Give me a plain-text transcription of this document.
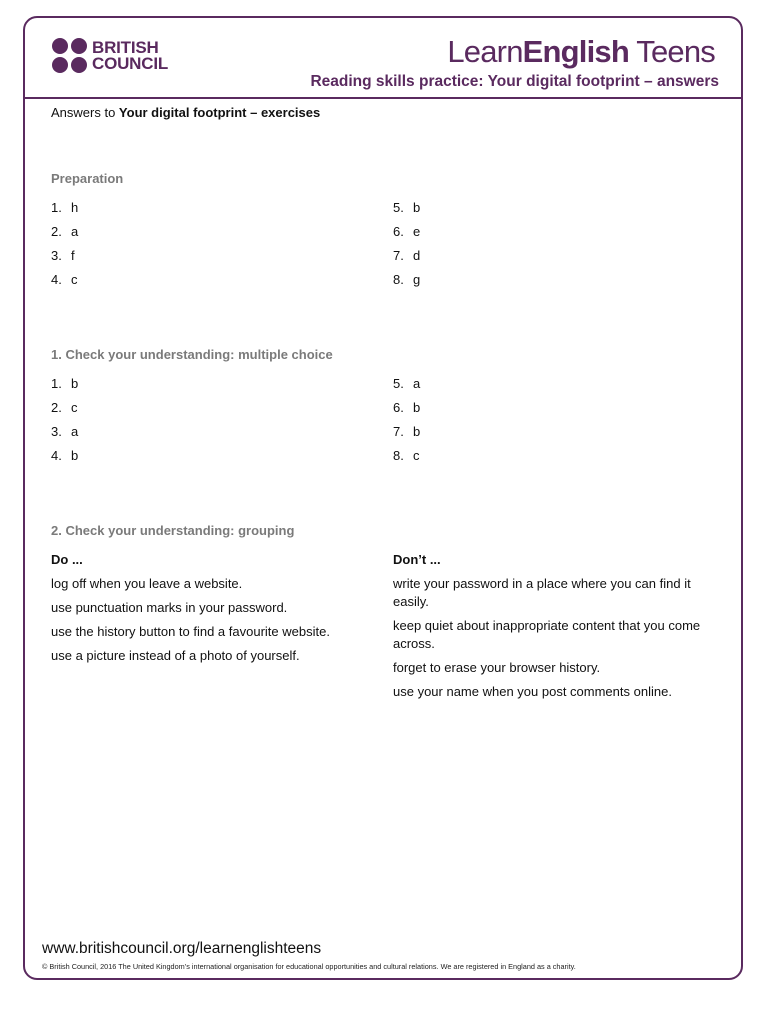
BRITISH
COUNCIL	LearnEnglish Teens
Reading skills practice: Your digital footprint – answers
Answers to Your digital footprint – exercises
Preparation
1. h
2. a
3. f
4. c
5. b
6. e
7. d
8. g
1. Check your understanding: multiple choice
1. b
2. c
3. a
4. b
5. a
6. b
7. b
8. c
2. Check your understanding: grouping
Do ...
log off when you leave a website.
use punctuation marks in your password.
use the history button to find a favourite website.
use a picture instead of a photo of yourself.
Don’t ...
write your password in a place where you can find it easily.
keep quiet about inappropriate content that you come across.
forget to erase your browser history.
use your name when you post comments online.
www.britishcouncil.org/learnenglishteens
© British Council, 2016 The United Kingdom’s international organisation for educational opportunities and cultural relations. We are registered in England as a charity.
